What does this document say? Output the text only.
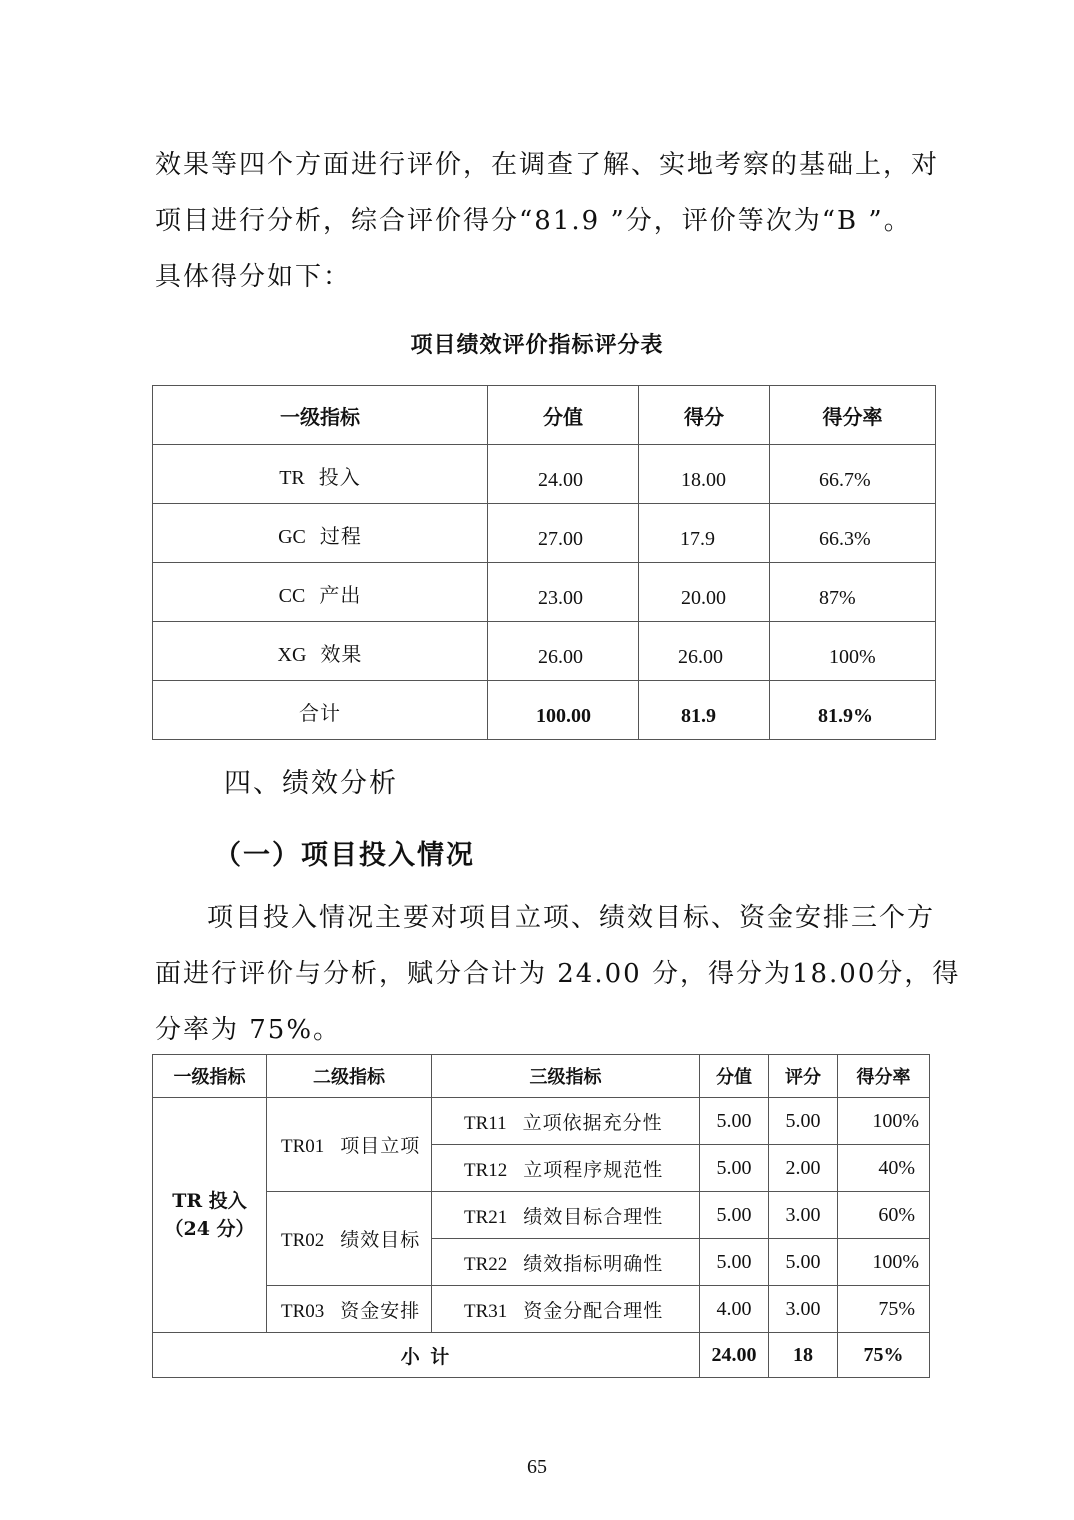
效果等四个方面进行评价，在调查了解、实地考察的基础上，对

项目进行分析，综合评价得分“81.9 ”分，评价等次为“B ”。

具体得分如下：

项目绩效评价指标评分表
一级指标	分值	得分	得分率
TR 投入	24.00	18.00	66.7%
GC 过程	27.00	17.9	66.3%
CC 产出	23.00	20.00	87%
XG 效果	26.00	26.00	100%
合计	100.00	81.9	81.9%
四、绩效分析
（一）项目投入情况

项目投入情况主要对项目立项、绩效目标、资金安排三个方

面进行评价与分析，赋分合计为 24.00 分，得分为18.00分，得

分率为 75%。

一级指标	二级指标	三级指标	分值	评分	得分率

TR 投入
（24 分）	TR01 项目立项	TR11 立项依据充分性	5.00	5.00	100%
		TR12 立项程序规范性	5.00	2.00	40%
	TR02 绩效目标	TR21 绩效目标合理性	5.00	3.00	60%
		TR22 绩效指标明确性	5.00	5.00	100%
	TR03 资金安排	TR31 资金分配合理性	4.00	3.00	75%
小 计			24.00	18	75%
65
